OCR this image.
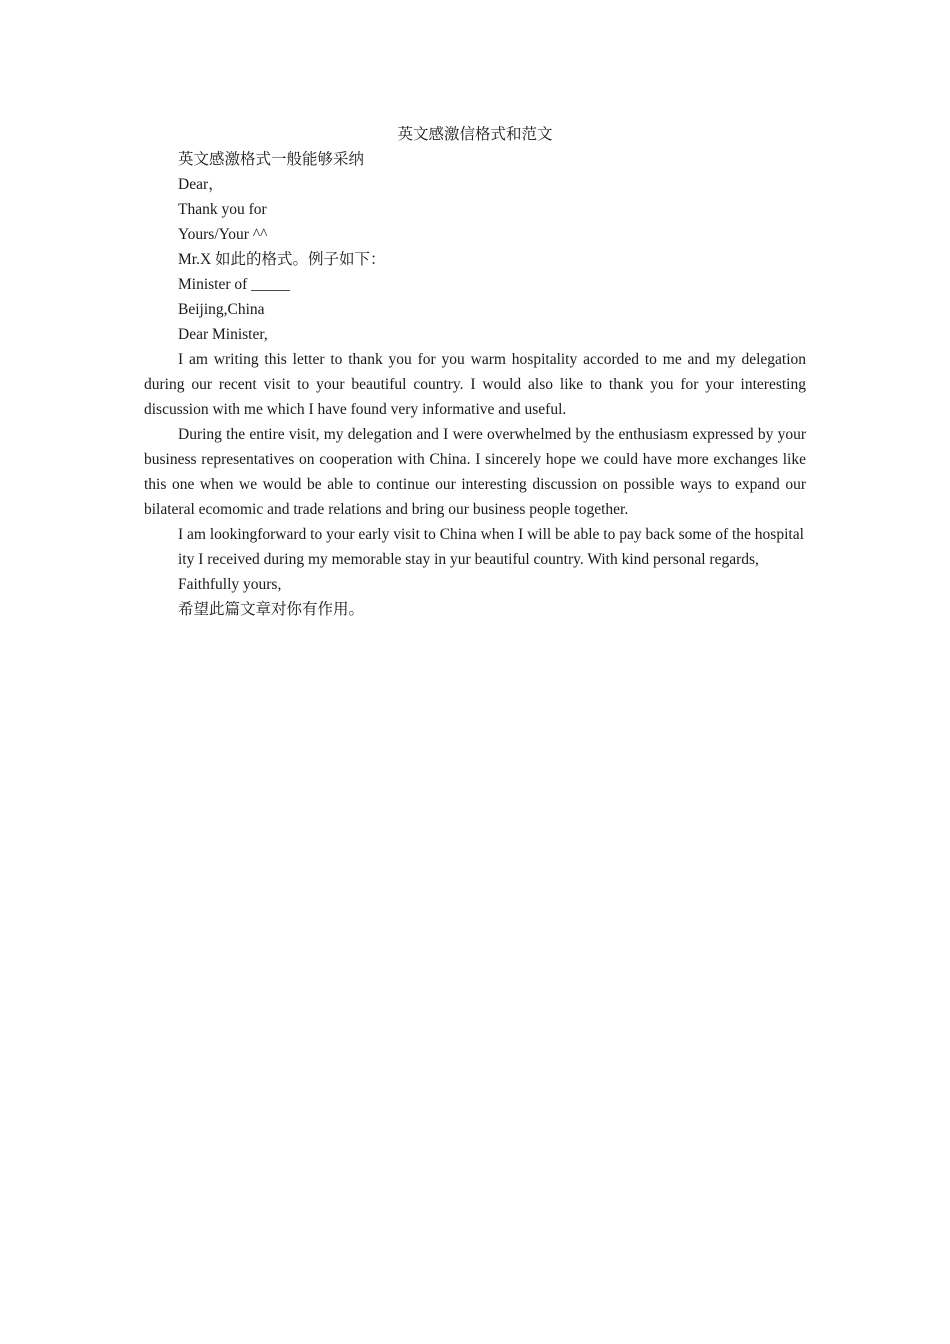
英文感激信格式和范文

英文感激格式一般能够采纳

Dear，

Thank you for

Yours/Your ^^

Mr.X 如此的格式。例子如下：

Minister of _____

Beijing,China

Dear Minister,

I am writing this letter to thank you for you warm hospitality accorded to me and my delegation during our recent visit to your beautiful country. I would also like to thank you for your interesting discussion with me which I have found very informative and useful.

During the entire visit, my delegation and I were overwhelmed by the enthusiasm expressed by your business representatives on cooperation with China. I sincerely hope we could have more exchanges like this one when we would be able to continue our interesting discussion on possible ways to expand our bilateral ecomomic and trade relations and bring our business people together.

I am lookingforward to your early visit to China when I will be able to pay back some of the hospital

ity I received during my memorable stay in yur beautiful country. With kind personal regards,

Faithfully yours,

希望此篇文章对你有作用。
